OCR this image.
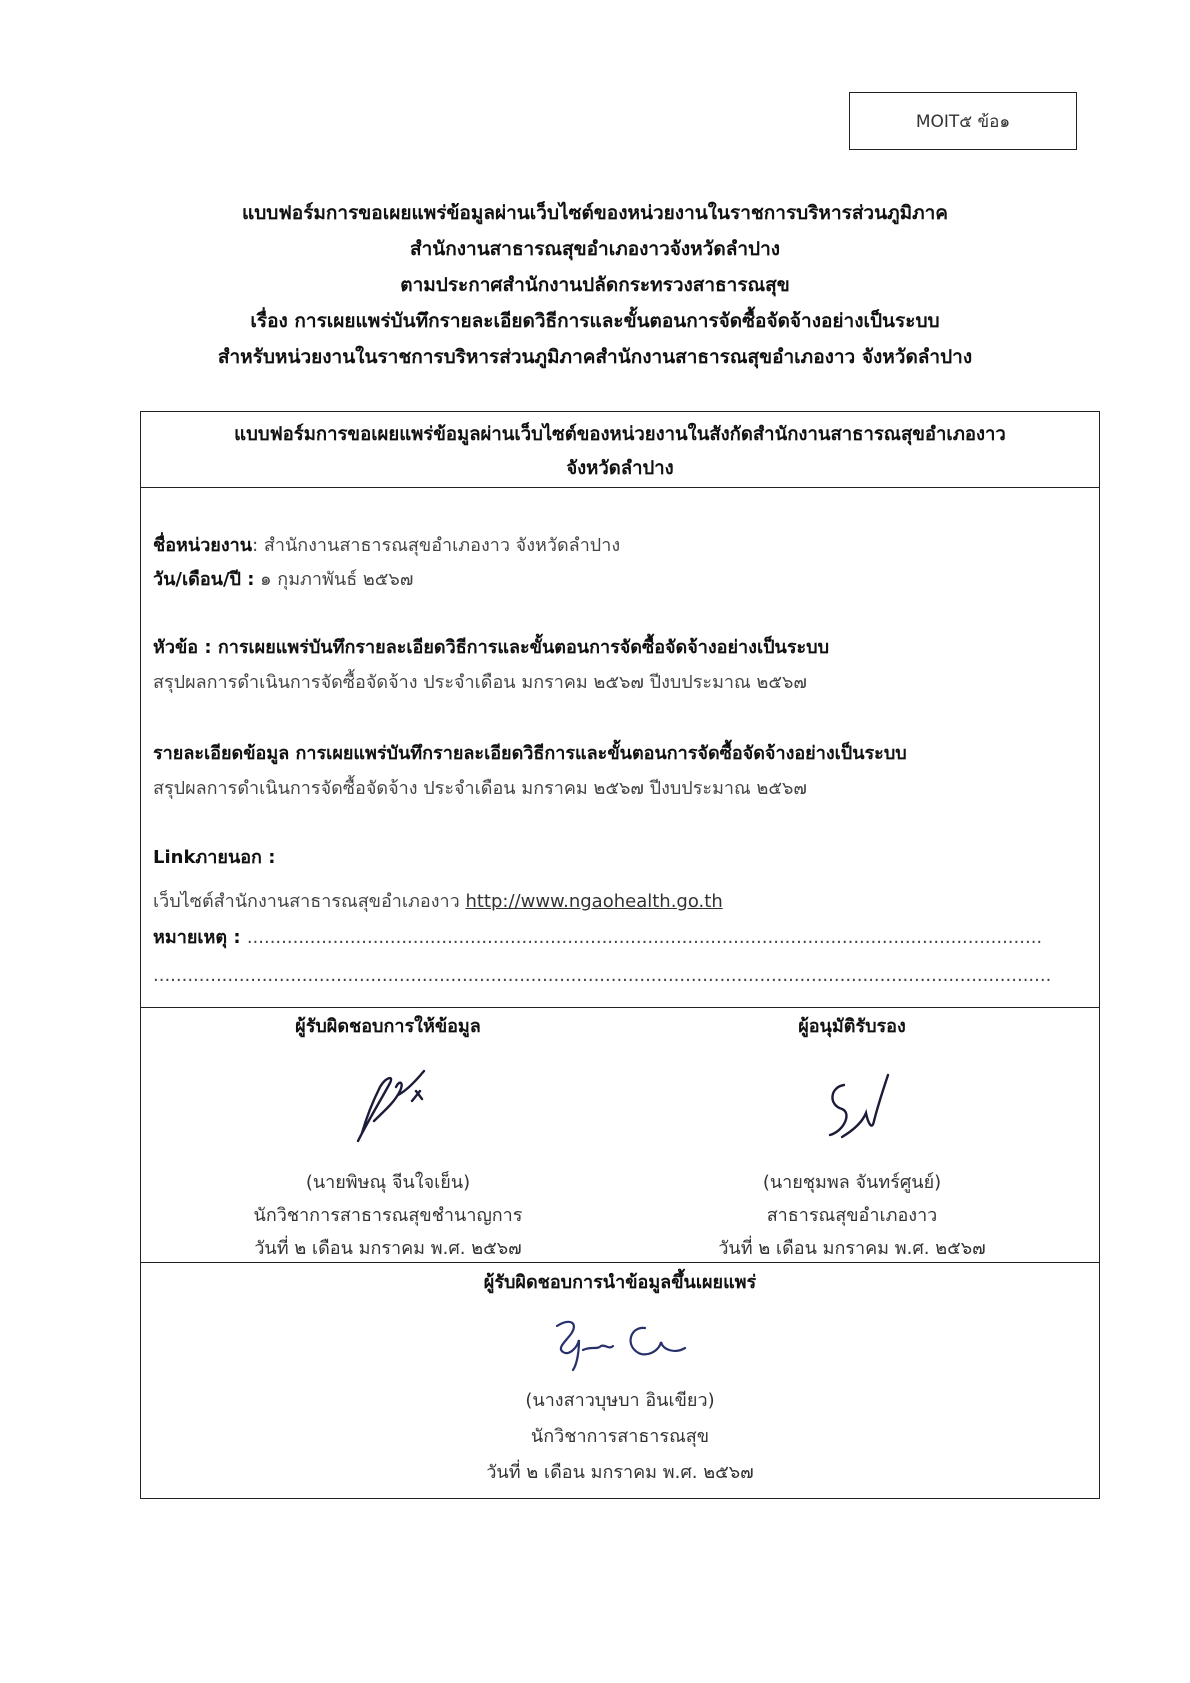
MOIT๕ ข้อ๑
แบบฟอร์มการขอเผยแพร่ข้อมูลผ่านเว็บไซต์ของหน่วยงานในราชการบริหารส่วนภูมิภาค
สำนักงานสาธารณสุขอำเภองาวจังหวัดลำปาง
ตามประกาศสำนักงานปลัดกระทรวงสาธารณสุข
เรื่อง การเผยแพร่บันทึกรายละเอียดวิธีการและขั้นตอนการจัดซื้อจัดจ้างอย่างเป็นระบบ
สำหรับหน่วยงานในราชการบริหารส่วนภูมิภาคสำนักงานสาธารณสุขอำเภองาว จังหวัดลำปาง
แบบฟอร์มการขอเผยแพร่ข้อมูลผ่านเว็บไซต์ของหน่วยงานในสังกัดสำนักงานสาธารณสุขอำเภองาว
จังหวัดลำปาง
ชื่อหน่วยงาน: สำนักงานสาธารณสุขอำเภองาว จังหวัดลำปาง
วัน/เดือน/ปี : ๑ กุมภาพันธ์ ๒๕๖๗
หัวข้อ : การเผยแพร่บันทึกรายละเอียดวิธีการและขั้นตอนการจัดซื้อจัดจ้างอย่างเป็นระบบ
สรุปผลการดำเนินการจัดซื้อจัดจ้าง ประจำเดือน มกราคม ๒๕๖๗ ปีงบประมาณ ๒๕๖๗
รายละเอียดข้อมูล การเผยแพร่บันทึกรายละเอียดวิธีการและขั้นตอนการจัดซื้อจัดจ้างอย่างเป็นระบบ
สรุปผลการดำเนินการจัดซื้อจัดจ้าง ประจำเดือน มกราคม ๒๕๖๗ ปีงบประมาณ ๒๕๖๗
Linkภายนอก :
เว็บไซต์สำนักงานสาธารณสุขอำเภองาว http://www.ngaohealth.go.th
หมายเหตุ : ...........................................................................................................................................
.............................................................................................................................................................
ผู้รับผิดชอบการให้ข้อมูล
(นายพิษณุ จีนใจเย็น)
นักวิชาการสาธารณสุขชำนาญการ
วันที่ ๒ เดือน มกราคม พ.ศ. ๒๕๖๗
ผู้อนุมัติรับรอง
(นายชุมพล จันทร์ศูนย์)
สาธารณสุขอำเภองาว
วันที่ ๒ เดือน มกราคม พ.ศ. ๒๕๖๗
ผู้รับผิดชอบการนำข้อมูลขึ้นเผยแพร่
(นางสาวบุษบา อินเขียว)
นักวิชาการสาธารณสุข
วันที่ ๒ เดือน มกราคม พ.ศ. ๒๕๖๗
